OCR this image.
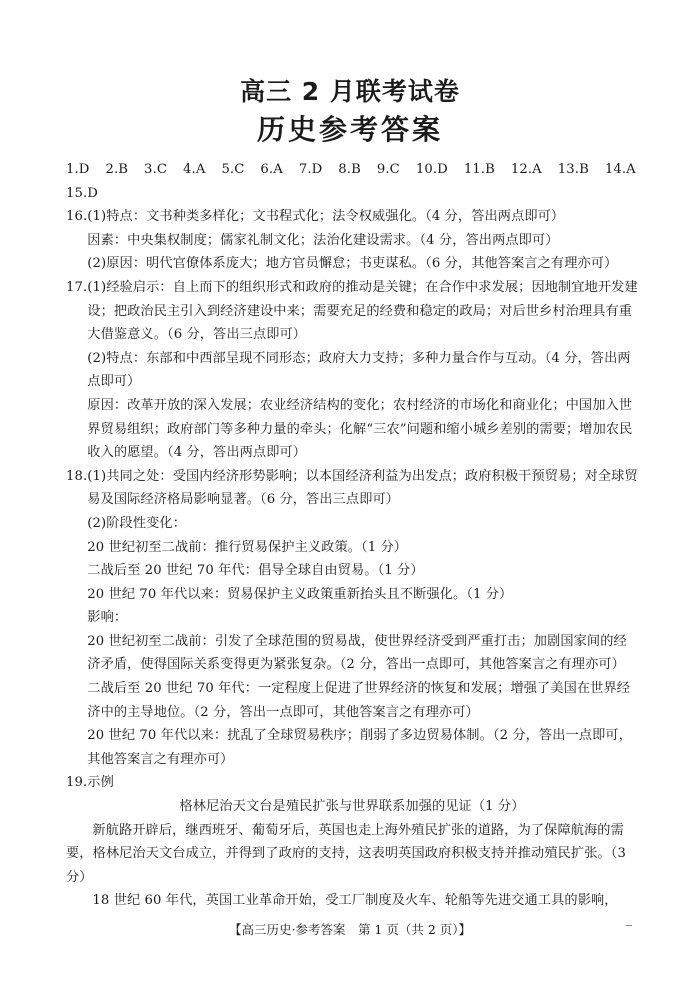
高三 2 月联考试卷
历史参考答案
1.D 2.B 3.C 4.A 5.C 6.A 7.D 8.B 9.C 10.D 11.B 12.A 13.B 14.A
15.D
16. (1)特点：文书种类多样化；文书程式化；法令权威强化。（4 分，答出两点即可）
因素：中央集权制度；儒家礼制文化；法治化建设需求。（4 分，答出两点即可）
(2)原因：明代官僚体系庞大；地方官员懈怠；书吏谋私。（6 分，其他答案言之有理亦可）
17. (1)经验启示：自上而下的组织形式和政府的推动是关键；在合作中求发展；因地制宜地开发建设；把政治民主引入到经济建设中来；需要充足的经费和稳定的政局；对后世乡村治理具有重大借鉴意义。（6 分，答出三点即可）
(2)特点：东部和中西部呈现不同形态；政府大力支持；多种力量合作与互动。（4 分，答出两点即可）
原因：改革开放的深入发展；农业经济结构的变化；农村经济的市场化和商业化；中国加入世界贸易组织；政府部门等多种力量的牵头；化解“三农”问题和缩小城乡差别的需要；增加农民收入的愿望。（4 分，答出两点即可）
18. (1)共同之处：受国内经济形势影响；以本国经济利益为出发点；政府积极干预贸易；对全球贸易及国际经济格局影响显著。（6 分，答出三点即可）
(2)阶段性变化：
20 世纪初至二战前：推行贸易保护主义政策。（1 分）
二战后至 20 世纪 70 年代：倡导全球自由贸易。（1 分）
20 世纪 70 年代以来：贸易保护主义政策重新抬头且不断强化。（1 分）
影响：
20 世纪初至二战前：引发了全球范围的贸易战，使世界经济受到严重打击；加剧国家间的经济矛盾，使得国际关系变得更为紧张复杂。（2 分，答出一点即可，其他答案言之有理亦可）
二战后至 20 世纪 70 年代：一定程度上促进了世界经济的恢复和发展；增强了美国在世界经济中的主导地位。（2 分，答出一点即可，其他答案言之有理亦可）
20 世纪 70 年代以来：扰乱了全球贸易秩序；削弱了多边贸易体制。（2 分，答出一点即可，其他答案言之有理亦可）
19. 示例
格林尼治天文台是殖民扩张与世界联系加强的见证（1 分）
新航路开辟后，继西班牙、葡萄牙后，英国也走上海外殖民扩张的道路，为了保障航海的需要，格林尼治天文台成立，并得到了政府的支持，这表明英国政府积极支持并推动殖民扩张。（3 分）
18 世纪 60 年代，英国工业革命开始，受工厂制度及火车、轮船等先进交通工具的影响，
【高三历史·参考答案　第 1 页（共 2 页）】
